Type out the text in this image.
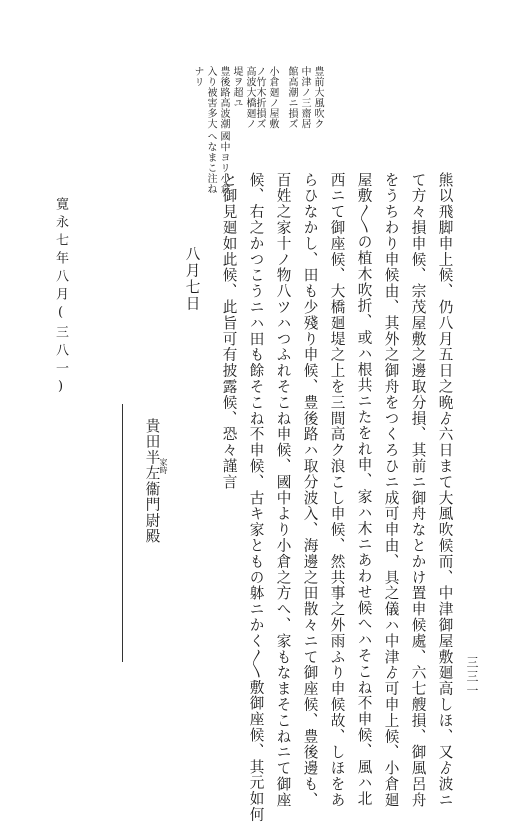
豊前大風吹ク
中津ノ三齋居
館高潮ニ損ズ
小倉廻ノ屋敷
ノ竹木折損ズ
高波大橋廻ノ
堤ヲ超ユ
豊後路高波潮
入り被害多大
ナリ
國中ヨリ小倉
へなまこ注ね
熊以飛脚申上候、仍八月五日之晩ゟ六日まて大風吹候而、中津御屋敷廻高しほ、又ゟ波ニ
て方々損申候、宗茂屋敷之邊取分損、其前ニ御舟なとかけ置申候處、六七艘損、御風呂舟
をうちわり申候由、其外之御舟をつくろひニ成可申由、具之儀ハ中津ゟ可申上候、小倉廻
屋敷〳〵の植木吹折、或ハ根共ニたをれ申、家ハ木ニあわせ候へハそこね不申候、風ハ北
西ニて御座候、大橋廻堤之上を三間高ク浪こし申候、然共事之外雨ふり申候故、しほをあ
らひなかし、田も少殘り申候、豊後路ハ取分波入、海邊之田散々ニて御座候、豊後邊も、
百姓之家十ノ物八ツハつふれそこね申候、國中より小倉之方へ、家もなまそこねニて御座
候、右之かつこうニハ田も餘そこね不申候、古キ家ともの躰ニかく〳〵敷御座候、其元如何
と御見廻如此候、此旨可有披露候、恐々謹言
八月七日
貴田半左
家時
衞門尉殿
寛永七年八月(三八一)
三三一
